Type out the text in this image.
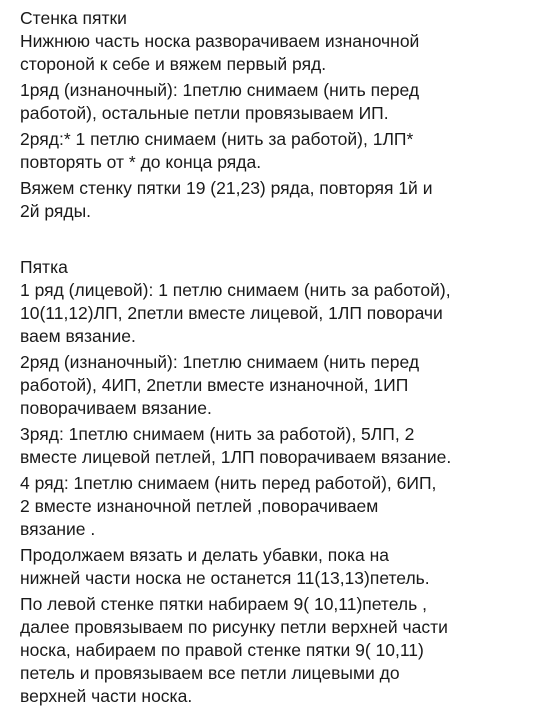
Стенка пятки

Нижнюю часть носка разворачиваем изнаночной
стороной к себе и вяжем первый ряд.

1ряд (изнаночный): 1петлю снимаем (нить перед
работой), остальные петли провязываем ИП.

2ряд:* 1 петлю снимаем (нить за работой), 1ЛП*
повторять от * до конца ряда.

Вяжем стенку пятки 19 (21,23) ряда, повторяя 1й и
2й ряды.

Пятка

1 ряд (лицевой): 1 петлю снимаем (нить за работой),
10(11,12)ЛП, 2петли вместе лицевой, 1ЛП поворачи
ваем вязание.

2ряд (изнаночный): 1петлю снимаем (нить перед
работой), 4ИП, 2петли вместе изнаночной, 1ИП
поворачиваем вязание.

3ряд: 1петлю снимаем (нить за работой), 5ЛП, 2
вместе лицевой петлей, 1ЛП поворачиваем вязание.

4 ряд: 1петлю снимаем (нить перед работой), 6ИП,
2 вместе изнаночной петлей ,поворачиваем
вязание .

Продолжаем вязать и делать убавки, пока на
нижней части носка не останется 11(13,13)петель.

По левой стенке пятки набираем 9( 10,11)петель ,
далее провязываем по рисунку петли верхней части
носка, набираем по правой стенке пятки 9( 10,11)
петель и провязываем все петли лицевыми до
верхней части носка.
